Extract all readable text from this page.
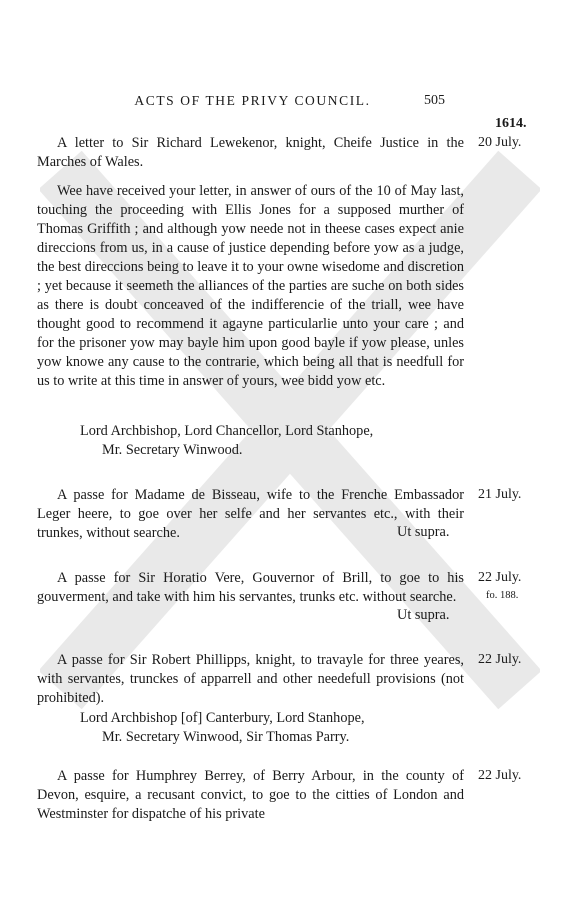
ACTS OF THE PRIVY COUNCIL.	505
1614.
20 July.

A letter to Sir Richard Lewekenor, knight, Cheife Justice in the Marches of Wales.

Wee have received your letter, in answer of ours of the 10 of May last, touching the proceeding with Ellis Jones for a supposed murther of Thomas Griffith ; and although yow neede not in theese cases expect anie direccions from us, in a cause of justice depending before yow as a judge, the best direccions being to leave it to your owne wisedome and discretion ; yet because it seemeth the alliances of the parties are suche on both sides as there is doubt conceaved of the indifferencie of the triall, wee have thought good to recommend it agayne particularlie unto your care ; and for the prisoner yow may bayle him upon good bayle if yow please, unles yow knowe any cause to the contrarie, which being all that is needfull for us to write at this time in answer of yours, wee bidd yow etc.

Lord Archbishop, Lord Chancellor, Lord Stanhope,
Mr. Secretary Winwood.
21 July.

A passe for Madame de Bisseau, wife to the Frenche Embassador Leger heere, to goe over her selfe and her servantes etc., with their trunkes, without searche.	Ut supra.
22 July.
fo. 188.

A passe for Sir Horatio Vere, Gouvernor of Brill, to goe to his gouverment, and take with him his servantes, trunks etc. without searche.

Ut supra.
22 July.

A passe for Sir Robert Phillipps, knight, to travayle for three yeares, with servantes, trunckes of apparrell and other needefull provisions (not prohibited).

Lord Archbishop [of] Canterbury, Lord Stanhope,
Mr. Secretary Winwood, Sir Thomas Parry.
22 July.

A passe for Humphrey Berrey, of Berry Arbour, in the county of Devon, esquire, a recusant convict, to goe to the citties of London and Westminster for dispatche of his private
